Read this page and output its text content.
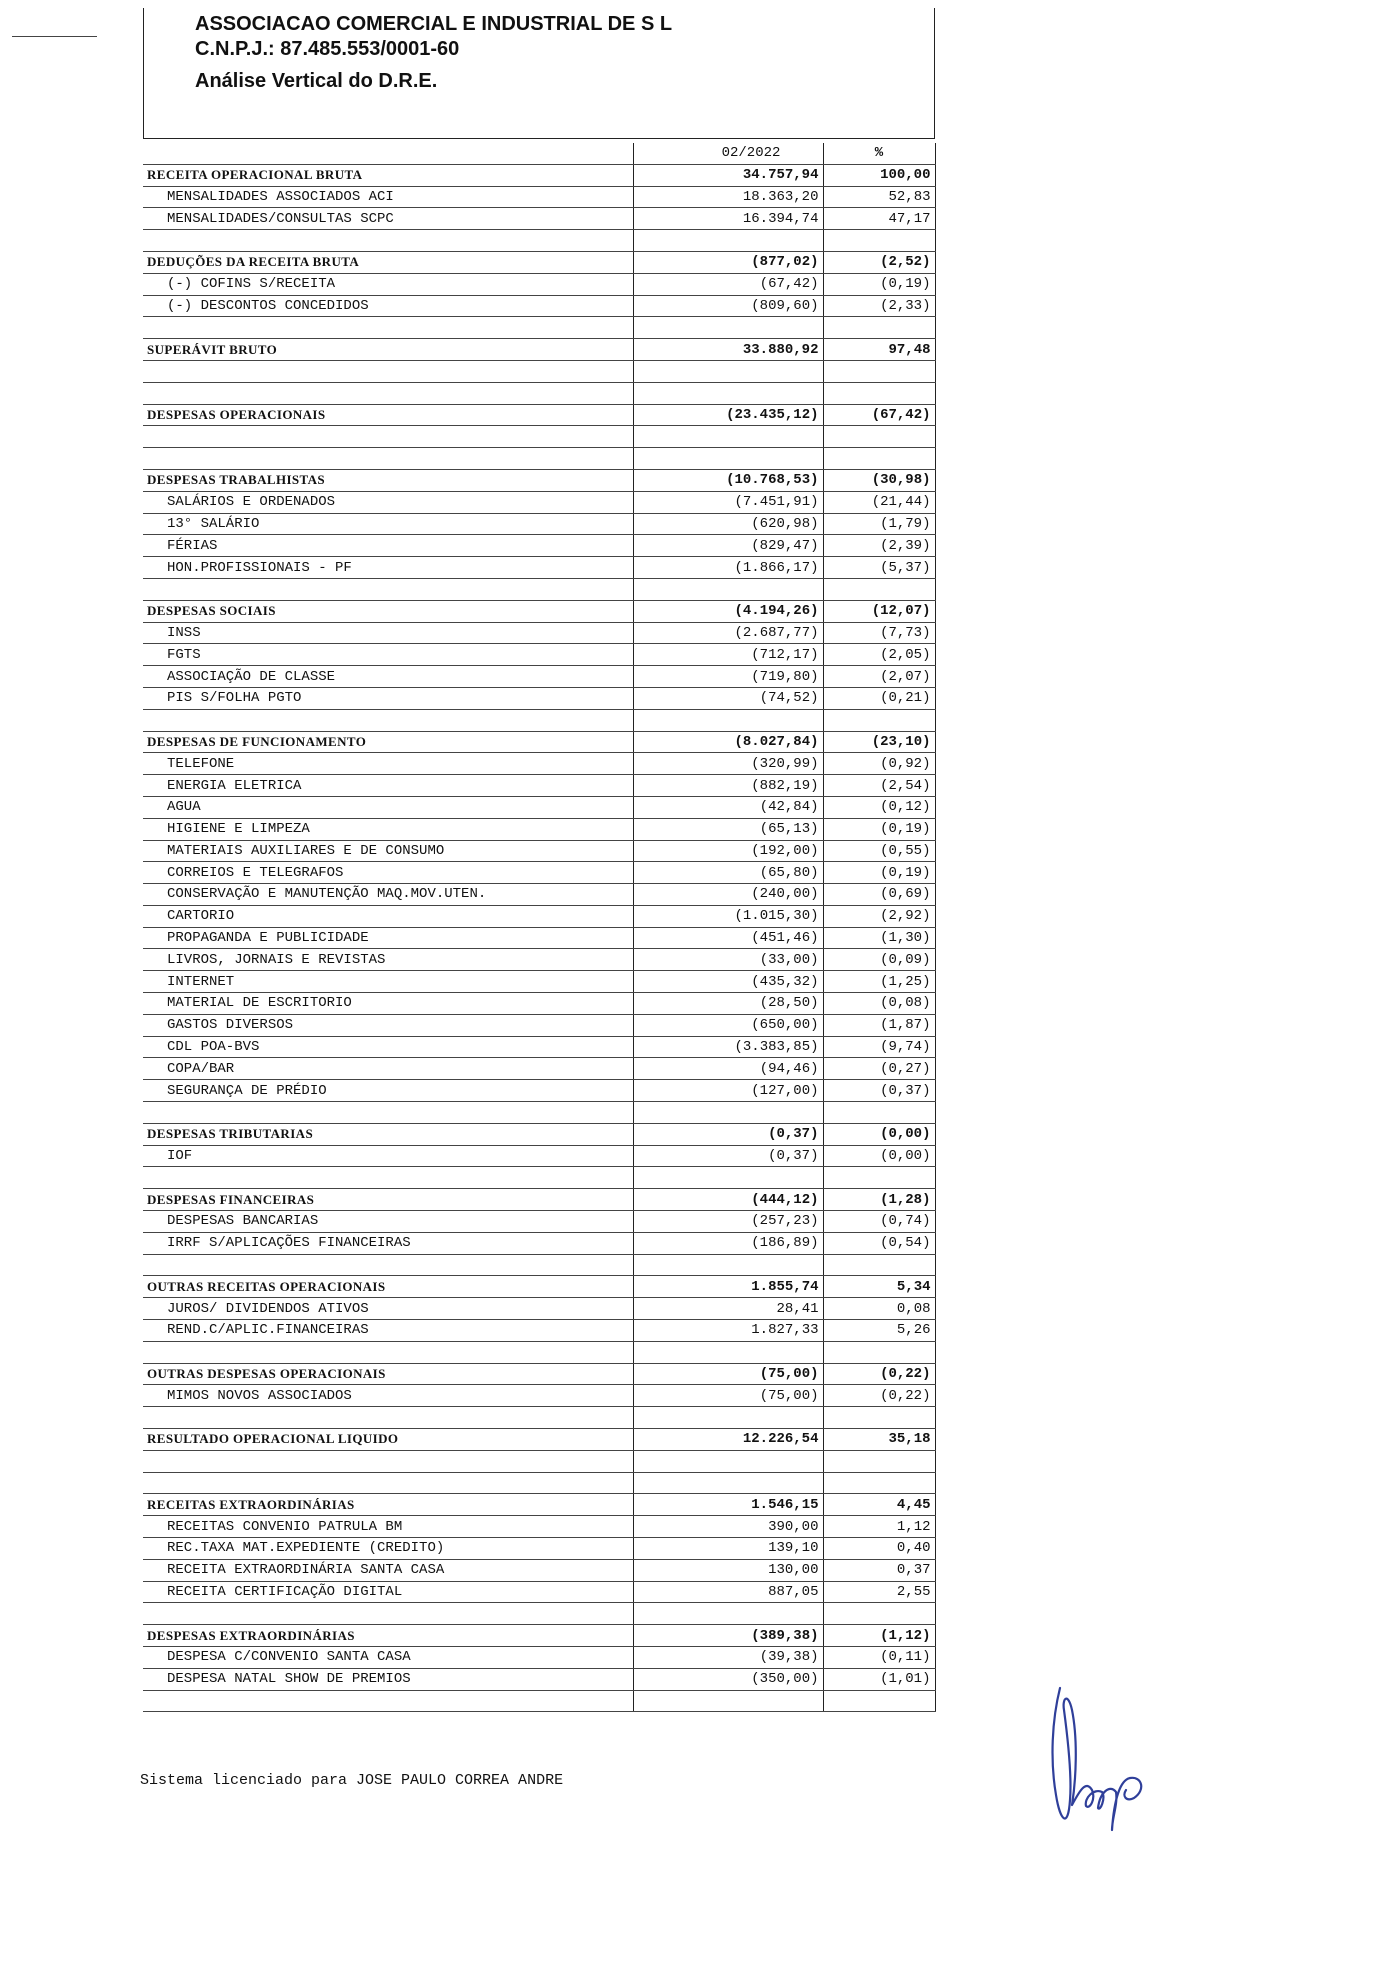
ASSOCIACAO COMERCIAL E INDUSTRIAL DE S L
C.N.P.J.: 87.485.553/0001-60
Análise Vertical do D.R.E.
	02/2022	%
RECEITA OPERACIONAL BRUTA	34.757,94	100,00
MENSALIDADES ASSOCIADOS ACI	18.363,20	52,83
MENSALIDADES/CONSULTAS SCPC	16.394,74	47,17

DEDUÇÕES DA RECEITA BRUTA	(877,02)	(2,52)
(-) COFINS S/RECEITA	(67,42)	(0,19)
(-) DESCONTOS CONCEDIDOS	(809,60)	(2,33)

SUPERÁVIT BRUTO	33.880,92	97,48

DESPESAS OPERACIONAIS	(23.435,12)	(67,42)

DESPESAS TRABALHISTAS	(10.768,53)	(30,98)
SALÁRIOS E ORDENADOS	(7.451,91)	(21,44)
13° SALÁRIO	(620,98)	(1,79)
FÉRIAS	(829,47)	(2,39)
HON.PROFISSIONAIS - PF	(1.866,17)	(5,37)

DESPESAS SOCIAIS	(4.194,26)	(12,07)
INSS	(2.687,77)	(7,73)
FGTS	(712,17)	(2,05)
ASSOCIAÇÃO DE CLASSE	(719,80)	(2,07)
PIS S/FOLHA PGTO	(74,52)	(0,21)

DESPESAS DE FUNCIONAMENTO	(8.027,84)	(23,10)
TELEFONE	(320,99)	(0,92)
ENERGIA ELETRICA	(882,19)	(2,54)
AGUA	(42,84)	(0,12)
HIGIENE E LIMPEZA	(65,13)	(0,19)
MATERIAIS AUXILIARES E DE CONSUMO	(192,00)	(0,55)
CORREIOS E TELEGRAFOS	(65,80)	(0,19)
CONSERVAÇÃO E MANUTENÇÃO MAQ.MOV.UTEN.	(240,00)	(0,69)
CARTORIO	(1.015,30)	(2,92)
PROPAGANDA E PUBLICIDADE	(451,46)	(1,30)
LIVROS, JORNAIS E REVISTAS	(33,00)	(0,09)
INTERNET	(435,32)	(1,25)
MATERIAL DE ESCRITORIO	(28,50)	(0,08)
GASTOS DIVERSOS	(650,00)	(1,87)
CDL POA-BVS	(3.383,85)	(9,74)
COPA/BAR	(94,46)	(0,27)
SEGURANÇA DE PRÉDIO	(127,00)	(0,37)

DESPESAS TRIBUTARIAS	(0,37)	(0,00)
IOF	(0,37)	(0,00)

DESPESAS FINANCEIRAS	(444,12)	(1,28)
DESPESAS BANCARIAS	(257,23)	(0,74)
IRRF S/APLICAÇÕES FINANCEIRAS	(186,89)	(0,54)

OUTRAS RECEITAS OPERACIONAIS	1.855,74	5,34
JUROS/ DIVIDENDOS ATIVOS	28,41	0,08
REND.C/APLIC.FINANCEIRAS	1.827,33	5,26

OUTRAS DESPESAS OPERACIONAIS	(75,00)	(0,22)
MIMOS NOVOS ASSOCIADOS	(75,00)	(0,22)

RESULTADO OPERACIONAL LIQUIDO	12.226,54	35,18

RECEITAS EXTRAORDINÁRIAS	1.546,15	4,45
RECEITAS CONVENIO PATRULA BM	390,00	1,12
REC.TAXA MAT.EXPEDIENTE (CREDITO)	139,10	0,40
RECEITA EXTRAORDINÁRIA SANTA CASA	130,00	0,37
RECEITA CERTIFICAÇÃO DIGITAL	887,05	2,55

DESPESAS EXTRAORDINÁRIAS	(389,38)	(1,12)
DESPESA C/CONVENIO SANTA CASA	(39,38)	(0,11)
DESPESA NATAL SHOW DE PREMIOS	(350,00)	(1,01)

Sistema licenciado para JOSE PAULO CORREA ANDRE
